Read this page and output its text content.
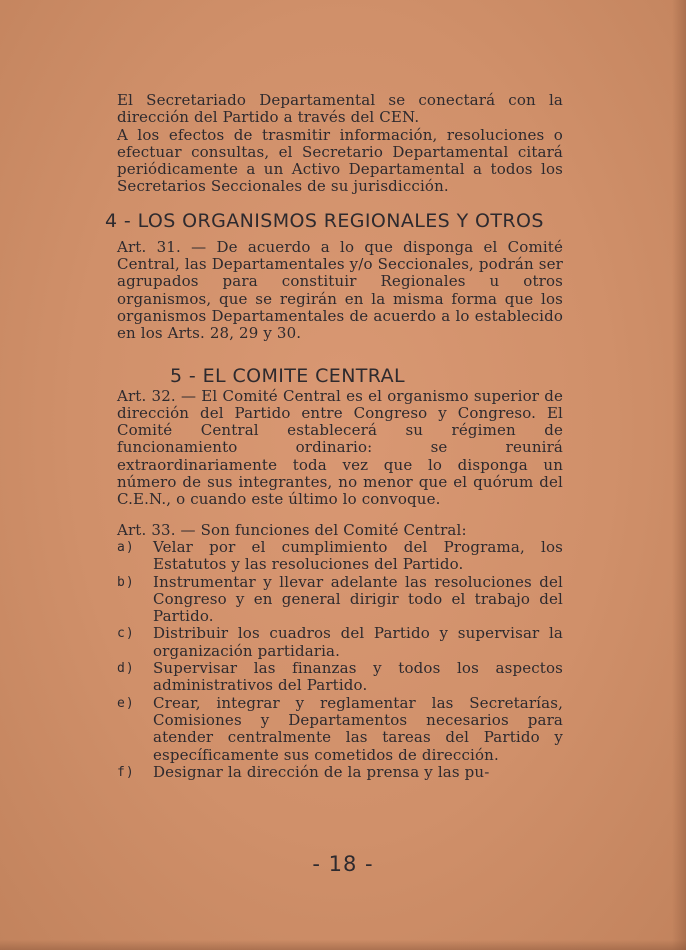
El Secretariado Departamental se conectará con la dirección del Partido a través del CEN.

A los efectos de trasmitir información, resoluciones o efectuar consultas, el Secretario Departamental citará periódicamente a un Activo Departamental a todos los Secretarios Seccionales de su jurisdicción.

4 - LOS ORGANISMOS REGIONALES Y OTROS

Art. 31. — De acuerdo a lo que disponga el Comité Central, las Departamentales y/o Seccionales, podrán ser agrupados para constituir Regionales u otros organismos, que se regirán en la misma forma que los organismos Departamentales de acuerdo a lo establecido en los Arts. 28, 29 y 30.

5 - EL COMITE CENTRAL

Art. 32. — El Comité Central es el organismo superior de dirección del Partido entre Congreso y Congreso. El Comité Central establecerá su régimen de funcionamiento ordinario: se reunirá extraordinariamente toda vez que lo disponga un número de sus integrantes, no menor que el quórum del C.E.N., o cuando este último lo convoque.

Art. 33. — Son funciones del Comité Central:

a)	Velar por el cumplimiento del Programa, los Estatutos y las resoluciones del Partido.
b)	Instrumentar y llevar adelante las resoluciones del Congreso y en general dirigir todo el trabajo del Partido.
c)	Distribuir los cuadros del Partido y supervisar la organización partidaria.
d)	Supervisar las finanzas y todos los aspectos administrativos del Partido.
e)	Crear, integrar y reglamentar las Secretarías, Comisiones y Departamentos necesarios para atender centralmente las tareas del Partido y específicamente sus cometidos de dirección.
f)	Designar la dirección de la prensa y las pu-
- 18 -
